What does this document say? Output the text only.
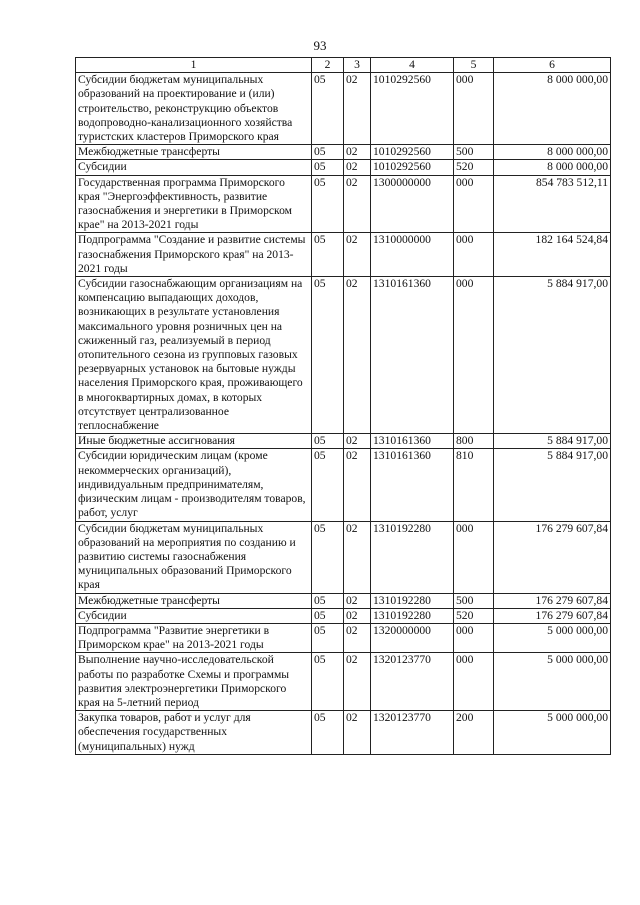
93
1	2	3	4	5	6
Субсидии бюджетам муниципальных образований на проектирование и (или) строительство, реконструкцию объектов водопроводно-канализационного хозяйства туристских кластеров Приморского края	05	02	1010292560	000	8 000 000,00
Межбюджетные трансферты	05	02	1010292560	500	8 000 000,00
Субсидии	05	02	1010292560	520	8 000 000,00
Государственная программа Приморского края "Энергоэффективность, развитие газоснабжения и энергетики в Приморском крае" на 2013-2021 годы	05	02	1300000000	000	854 783 512,11
Подпрограмма "Создание и развитие системы газоснабжения Приморского края" на 2013-2021 годы	05	02	1310000000	000	182 164 524,84
Субсидии газоснабжающим организациям на компенсацию выпадающих доходов, возникающих в результате установления максимального уровня розничных цен на сжиженный газ, реализуемый в период отопительного сезона из групповых газовых резервуарных установок на бытовые нужды населения Приморского края, проживающего в многоквартирных домах, в которых отсутствует централизованное теплоснабжение	05	02	1310161360	000	5 884 917,00
Иные бюджетные ассигнования	05	02	1310161360	800	5 884 917,00
Субсидии юридическим лицам (кроме некоммерческих организаций), индивидуальным предпринимателям, физическим лицам - производителям товаров, работ, услуг	05	02	1310161360	810	5 884 917,00
Субсидии бюджетам муниципальных образований на мероприятия по созданию и развитию системы газоснабжения муниципальных образований Приморского края	05	02	1310192280	000	176 279 607,84
Межбюджетные трансферты	05	02	1310192280	500	176 279 607,84
Субсидии	05	02	1310192280	520	176 279 607,84
Подпрограмма "Развитие энергетики в Приморском крае" на 2013-2021 годы	05	02	1320000000	000	5 000 000,00
Выполнение научно-исследовательской работы по разработке Схемы и программы развития электроэнергетики Приморского края на 5-летний период	05	02	1320123770	000	5 000 000,00
Закупка товаров, работ и услуг для обеспечения государственных (муниципальных) нужд	05	02	1320123770	200	5 000 000,00
